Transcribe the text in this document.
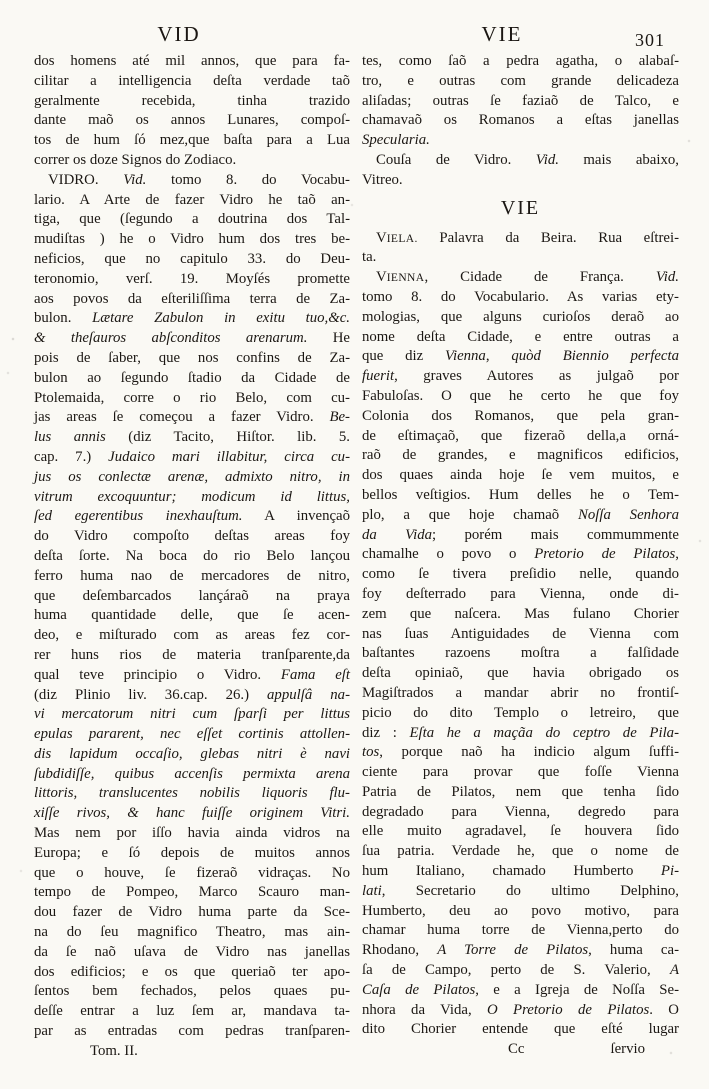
VID	VIE	301
dos homens até mil annos, que para fa-
cilitar a intelligencia deſta verdade taõ
geralmente recebida, tinha trazido
dante maõ os annos Lunares, compoſ-
tos de hum ſó mez,que baſta para a Lua
correr os doze Signos do Zodiaco.
VIDRO. Vid. tomo 8. do Vocabu-
lario. A Arte de fazer Vidro he taõ an-
tiga, que (ſegundo a doutrina dos Tal-
mudiſtas ) he o Vidro hum dos tres be-
neficios, que no capitulo 33. do Deu-
teronomio, verſ. 19. Moyſés promette
aos povos da eſteriliſſima terra de Za-
bulon. Lætare Zabulon in exitu tuo,&c.
& theſauros abſconditos arenarum. He
pois de ſaber, que nos confins de Za-
bulon ao ſegundo ſtadio da Cidade de
Ptolemaida, corre o rio Belo, com cu-
jas areas ſe começou a fazer Vidro. Be-
lus annis (diz Tacito, Hiſtor. lib. 5.
cap. 7.) Judaico mari illabitur, circa cu-
jus os conlectæ arenæ, admixto nitro, in
vitrum excoquuntur; modicum id littus,
ſed egerentibus inexhauſtum. A invençaõ
do Vidro compoſto deſtas areas foy
deſta ſorte. Na boca do rio Belo lançou
ferro huma nao de mercadores de nitro,
que deſembarcados lançáraõ na praya
huma quantidade delle, que ſe acen-
deo, e miſturado com as areas fez cor-
rer huns rios de materia tranſparente,da
qual teve principio o Vidro. Fama eſt
(diz Plinio liv. 36.cap. 26.) appulſâ na-
vi mercatorum nitri cum ſparſi per littus
epulas pararent, nec eſſet cortinis attollen-
dis lapidum occaſio, glebas nitri è navi
ſubdidiſſe, quibus accenſis permixta arena
littoris, translucentes nobilis liquoris flu-
xiſſe rivos, & hanc fuiſſe originem Vitri.
Mas nem por iſſo havia ainda vidros na
Europa; e ſó depois de muitos annos
que o houve, ſe fizeraõ vidraças. No
tempo de Pompeo, Marco Scauro man-
dou fazer de Vidro huma parte da Sce-
na do ſeu magnifico Theatro, mas ain-
da ſe naõ uſava de Vidro nas janellas
dos edificios; e os que queriaõ ter apo-
ſentos bem fechados, pelos quaes pu-
deſſe entrar a luz ſem ar, mandava ta-
par as entradas com pedras tranſparen-
Tom. II.
tes, como ſaõ a pedra agatha, o alabaſ-
tro, e outras com grande delicadeza
aliſadas; outras ſe faziaõ de Talco, e
chamavaõ os Romanos a eſtas janellas
Specularia.
Couſa de Vidro. Vid. mais abaixo,
Vitreo.
VIE
VIELA. Palavra da Beira. Rua eſtrei-
ta.
VIENNA, Cidade de França. Vid.
tomo 8. do Vocabulario. As varias ety-
mologias, que alguns curioſos deraõ ao
nome deſta Cidade, e entre outras a
que diz Vienna, quòd Biennio perfecta
fuerit, graves Autores as julgaõ por
Fabuloſas. O que he certo he que foy
Colonia dos Romanos, que pela gran-
de eſtimaçaõ, que fizeraõ della,a orná-
raõ de grandes, e magnificos edificios,
dos quaes ainda hoje ſe vem muitos, e
bellos veſtigios. Hum delles he o Tem-
plo, a que hoje chamaõ Noſſa Senhora
da Vida; porém mais commummente
chamalhe o povo o Pretorio de Pilatos,
como ſe tivera preſidio nelle, quando
foy deſterrado para Vienna, onde di-
zem que naſcera. Mas fulano Chorier
nas ſuas Antiguidades de Vienna com
baſtantes razoens moſtra a falſidade
deſta opiniaõ, que havia obrigado os
Magiſtrados a mandar abrir no frontiſ-
picio do dito Templo o letreiro, que
diz : Eſta he a maçãa do ceptro de Pila-
tos, porque naõ ha indicio algum ſuffi-
ciente para provar que foſſe Vienna
Patria de Pilatos, nem que tenha ſido
degradado para Vienna, degredo para
elle muito agradavel, ſe houvera ſido
ſua patria. Verdade he, que o nome de
hum Italiano, chamado Humberto Pi-
lati, Secretario do ultimo Delphino,
Humberto, deu ao povo motivo, para
chamar huma torre de Vienna,perto do
Rhodano, A Torre de Pilatos, huma ca-
ſa de Campo, perto de S. Valerio, A
Caſa de Pilatos, e a Igreja de Noſſa Se-
nhora da Vida, O Pretorio de Pilatos. O
dito Chorier entende que eſté lugar
Cc	ſervio
